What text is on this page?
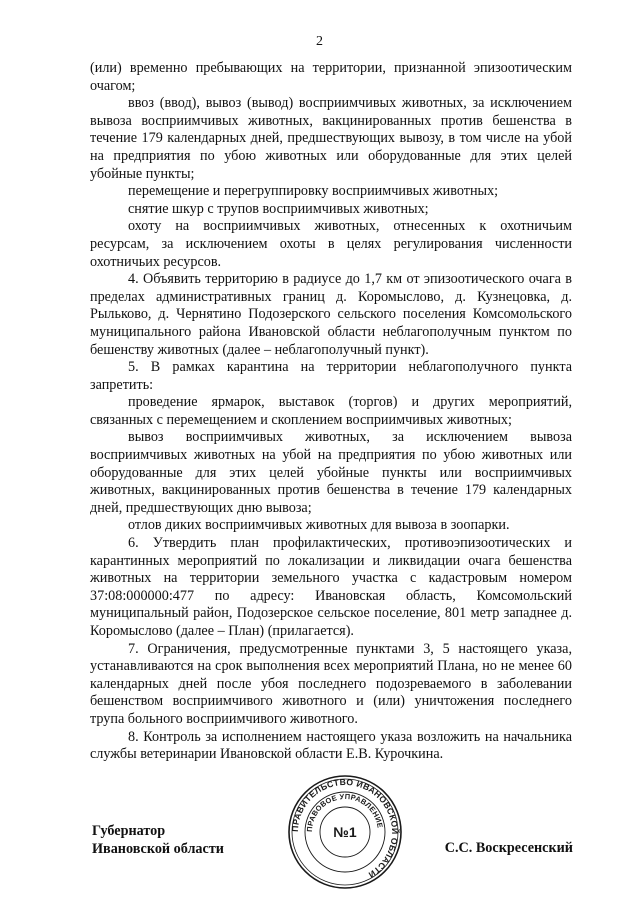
2

(или) временно пребывающих на территории, признанной эпизоотическим очагом;

ввоз (ввод), вывоз (вывод) восприимчивых животных, за исключением вывоза восприимчивых животных, вакцинированных против бешенства в течение 179 календарных дней, предшествующих вывозу, в том числе на убой на предприятия по убою животных или оборудованные для этих целей убойные пункты;

перемещение и перегруппировку восприимчивых животных;

снятие шкур с трупов восприимчивых животных;

охоту на восприимчивых животных, отнесенных к охотничьим ресурсам, за исключением охоты в целях регулирования численности охотничьих ресурсов.

4. Объявить территорию в радиусе до 1,7 км от эпизоотического очага в пределах административных границ д. Коромыслово, д. Кузнецовка, д. Рыльково, д. Чернятино Подозерского сельского поселения Комсомольского муниципального района Ивановской области неблагополучным пунктом по бешенству животных (далее – неблагополучный пункт).

5. В рамках карантина на территории неблагополучного пункта запретить:

проведение ярмарок, выставок (торгов) и других мероприятий, связанных с перемещением и скоплением восприимчивых животных;

вывоз восприимчивых животных, за исключением вывоза восприимчивых животных на убой на предприятия по убою животных или оборудованные для этих целей убойные пункты или восприимчивых животных, вакцинированных против бешенства в течение 179 календарных дней, предшествующих дню вывоза;

отлов диких восприимчивых животных для вывоза в зоопарки.

6. Утвердить план профилактических, противоэпизоотических и карантинных мероприятий по локализации и ликвидации очага бешенства животных на территории земельного участка с кадастровым номером 37:08:000000:477 по адресу: Ивановская область, Комсомольский муниципальный район, Подозерское сельское поселение, 801 метр западнее д. Коромыслово (далее – План) (прилагается).

7. Ограничения, предусмотренные пунктами 3, 5 настоящего указа, устанавливаются на срок выполнения всех мероприятий Плана, но не менее 60 календарных дней после убоя последнего подозреваемого в заболевании бешенством восприимчивого животного и (или) уничтожения последнего трупа больного восприимчивого животного.

8. Контроль за исполнением настоящего указа возложить на начальника службы ветеринарии Ивановской области Е.В. Курочкина.

Губернатор
Ивановской области
ПРАВИТЕЛЬСТВО ИВАНОВСКОЙ ОБЛАСТИ
ПРАВОВОЕ УПРАВЛЕНИЕ
№1
С.С. Воскресенский
